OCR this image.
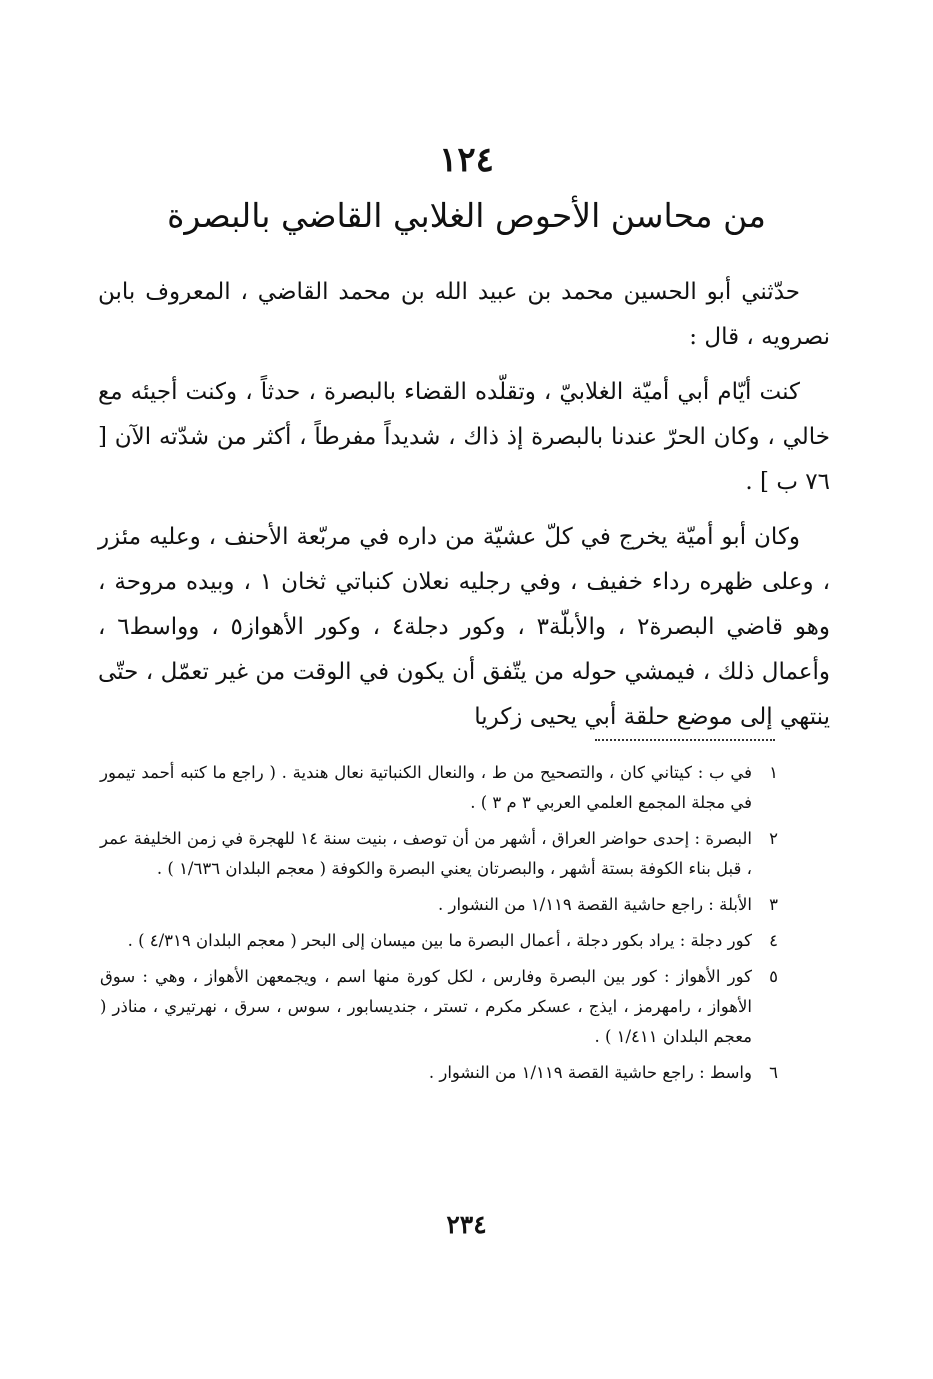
١٢٤
من محاسن الأحوص الغلابي القاضي بالبصرة

حدّثني أبو الحسين محمد بن عبيد الله بن محمد القاضي ، المعروف بابن نصرويه ، قال :

كنت أيّام أبي أميّة الغلابيّ ، وتقلّده القضاء بالبصرة ، حدثاً ، وكنت أجيئه مع خالي ، وكان الحرّ عندنا بالبصرة إذ ذاك ، شديداً مفرطاً ، أكثر من شدّته الآن [ ٧٦ ب ] .

وكان أبو أميّة يخرج في كلّ عشيّة من داره في مربّعة الأحنف ، وعليه مئزر ، وعلى ظهره رداء خفيف ، وفي رجليه نعلان كنباتي ثخان ١ ، وبيده مروحة ، وهو قاضي البصرة٢ ، والأبلّة٣ ، وكور دجلة٤ ، وكور الأهواز٥ ، وواسط٦ ، وأعمال ذلك ، فيمشي حوله من يتّفق أن يكون في الوقت من غير تعمّل ، حتّى ينتهي إلى موضع حلقة أبي يحيى زكريا

١
في ب : كيتاني كان ، والتصحيح من ط ، والنعال الكنباتية نعال هندية . ( راجع ما كتبه أحمد تيمور في مجلة المجمع العلمي العربي ٣ م ٣ ) .
٢
البصرة : إحدى حواضر العراق ، أشهر من أن توصف ، بنيت سنة ١٤ للهجرة في زمن الخليفة عمر ، قبل بناء الكوفة بستة أشهر ، والبصرتان يعني البصرة والكوفة ( معجم البلدان ١/٦٣٦ ) .
٣
الأبلة : راجع حاشية القصة ١/١١٩ من النشوار .
٤
كور دجلة : يراد بكور دجلة ، أعمال البصرة ما بين ميسان إلى البحر ( معجم البلدان ٤/٣١٩ ) .
٥
كور الأهواز : كور بين البصرة وفارس ، لكل كورة منها اسم ، ويجمعهن الأهواز ، وهي : سوق الأهواز ، رامهرمز ، ايذج ، عسكر مكرم ، تستر ، جنديسابور ، سوس ، سرق ، نهرتيري ، مناذر ( معجم البلدان ١/٤١١ ) .
٦
واسط : راجع حاشية القصة ١/١١٩ من النشوار .
٢٣٤
